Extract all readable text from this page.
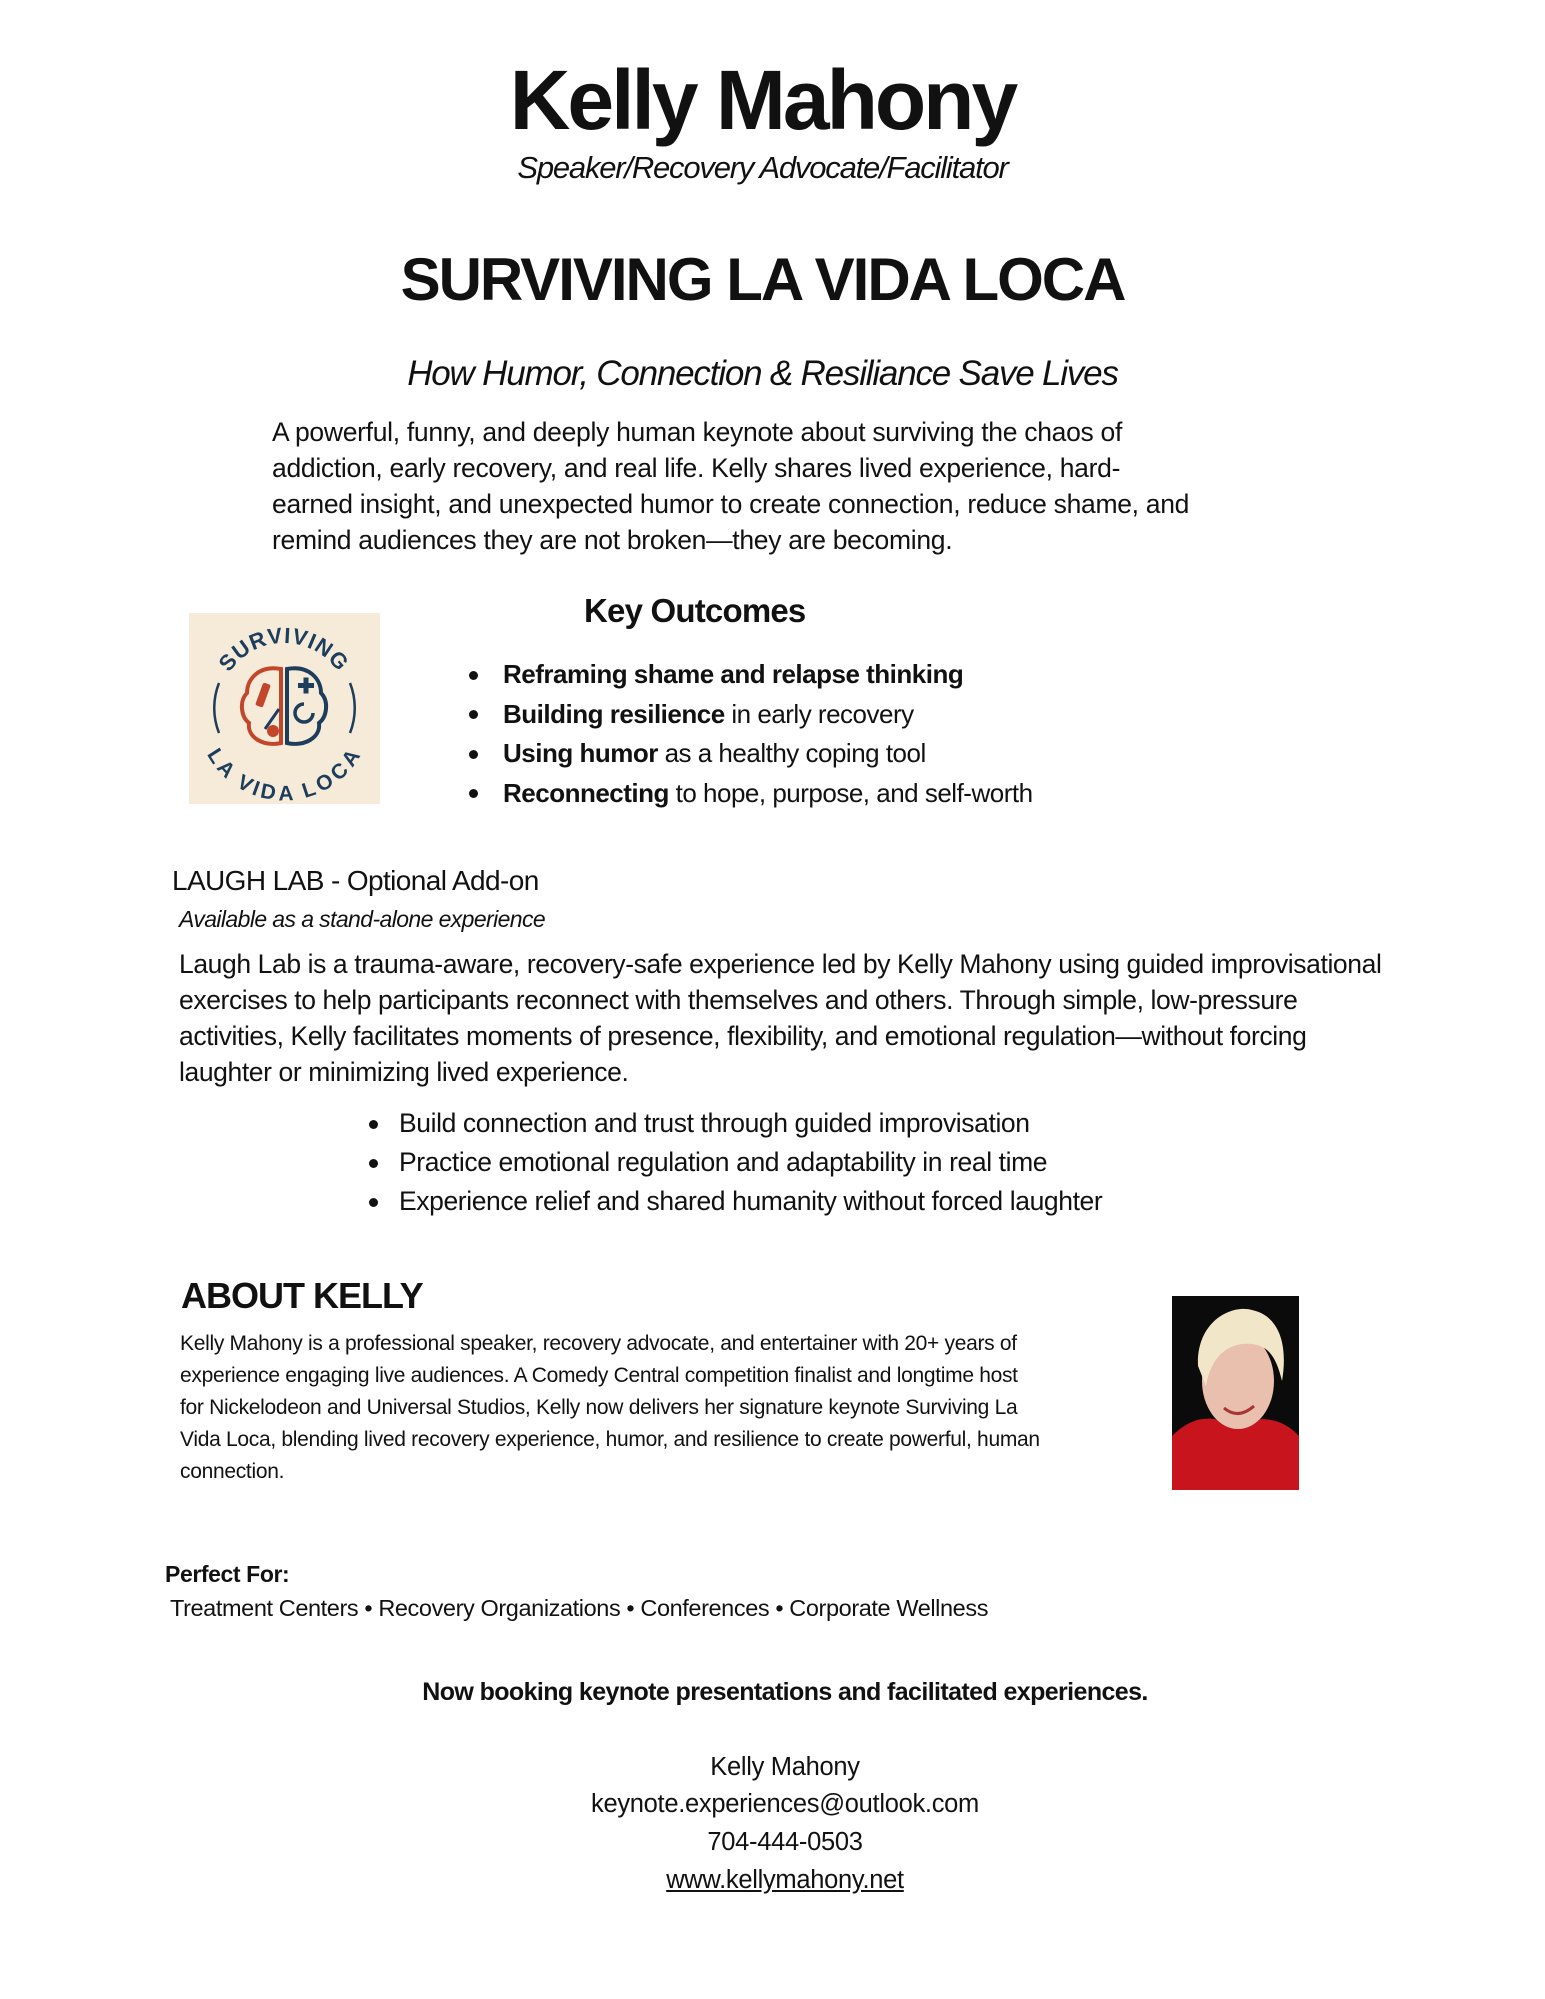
Kelly Mahony
Speaker/Recovery Advocate/Facilitator
SURVIVING LA VIDA LOCA
How Humor, Connection & Resiliance Save Lives
A powerful, funny, and deeply human keynote about surviving the chaos of
addiction, early recovery, and real life. Kelly shares lived experience, hard-
earned insight, and unexpected humor to create connection, reduce shame, and
remind audiences they are not broken—they are becoming.
SURVIVING
LA VIDA LOCA
Key Outcomes
Reframing shame and relapse thinking
Building resilience in early recovery
Using humor as a healthy coping tool
Reconnecting to hope, purpose, and self-worth
LAUGH LAB - Optional Add-on
Available as a stand-alone experience
Laugh Lab is a trauma-aware, recovery-safe experience led by Kelly Mahony using guided improvisational
exercises to help participants reconnect with themselves and others. Through simple, low-pressure
activities, Kelly facilitates moments of presence, flexibility, and emotional regulation—without forcing
laughter or minimizing lived experience.
Build connection and trust through guided improvisation
Practice emotional regulation and adaptability in real time
Experience relief and shared humanity without forced laughter
ABOUT KELLY
Kelly Mahony is a professional speaker, recovery advocate, and entertainer with 20+ years of
experience engaging live audiences. A Comedy Central competition finalist and longtime host
for Nickelodeon and Universal Studios, Kelly now delivers her signature keynote Surviving La
Vida Loca, blending lived recovery experience, humor, and resilience to create powerful, human
connection.
Perfect For:
Treatment Centers • Recovery Organizations • Conferences • Corporate Wellness
Now booking keynote presentations and facilitated experiences.
Kelly Mahony
keynote.experiences@outlook.com
704-444-0503
www.kellymahony.net
